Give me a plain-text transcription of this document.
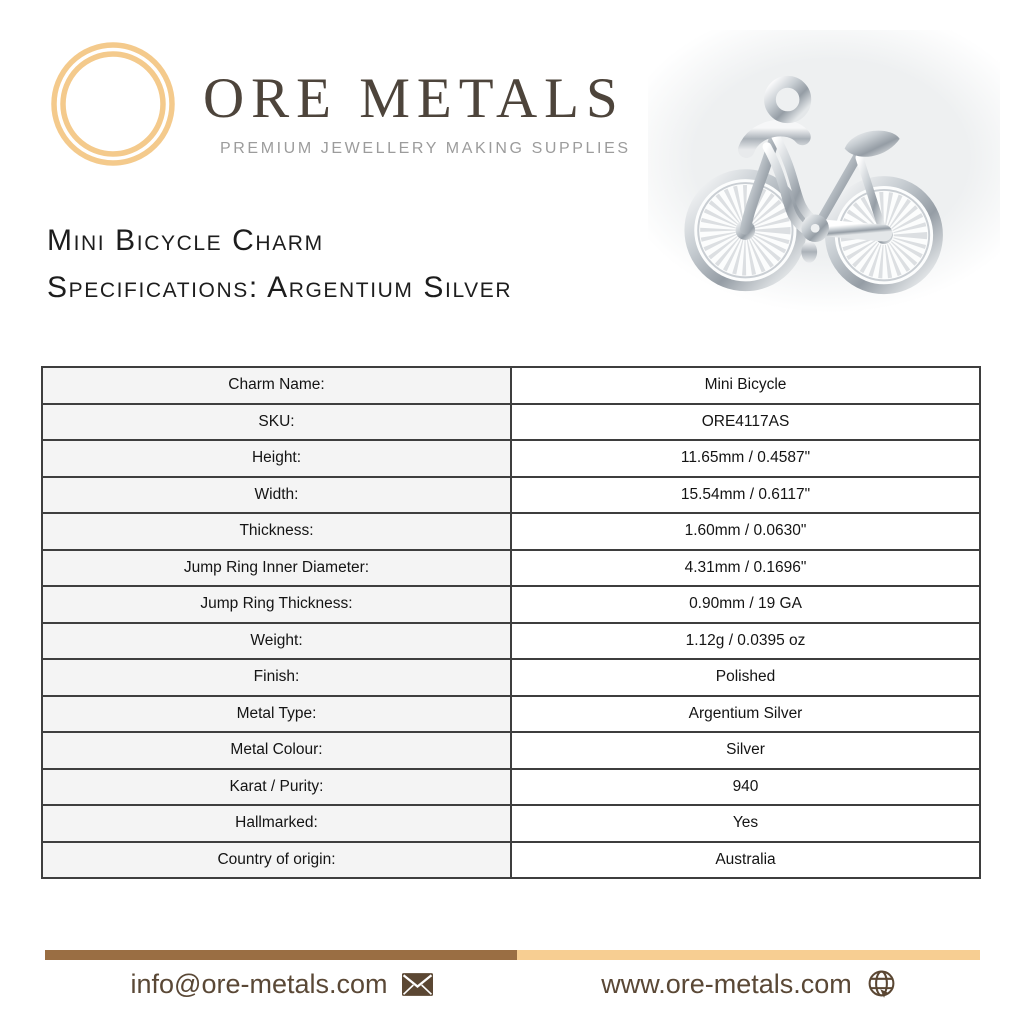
ORE METALS
PREMIUM JEWELLERY MAKING SUPPLIES
Mini Bicycle Charm
Specifications: Argentium Silver
Charm Name:	Mini Bicycle
SKU:	ORE4117AS
Height:	11.65mm / 0.4587"
Width:	15.54mm / 0.6117"
Thickness:	1.60mm / 0.0630"
Jump Ring Inner Diameter:	4.31mm / 0.1696"
Jump Ring Thickness:	0.90mm / 19 GA
Weight:	1.12g / 0.0395 oz
Finish:	Polished
Metal Type:	Argentium Silver
Metal Colour:	Silver
Karat / Purity:	940
Hallmarked:	Yes
Country of origin:	Australia
info@ore-metals.com	www.ore-metals.com
